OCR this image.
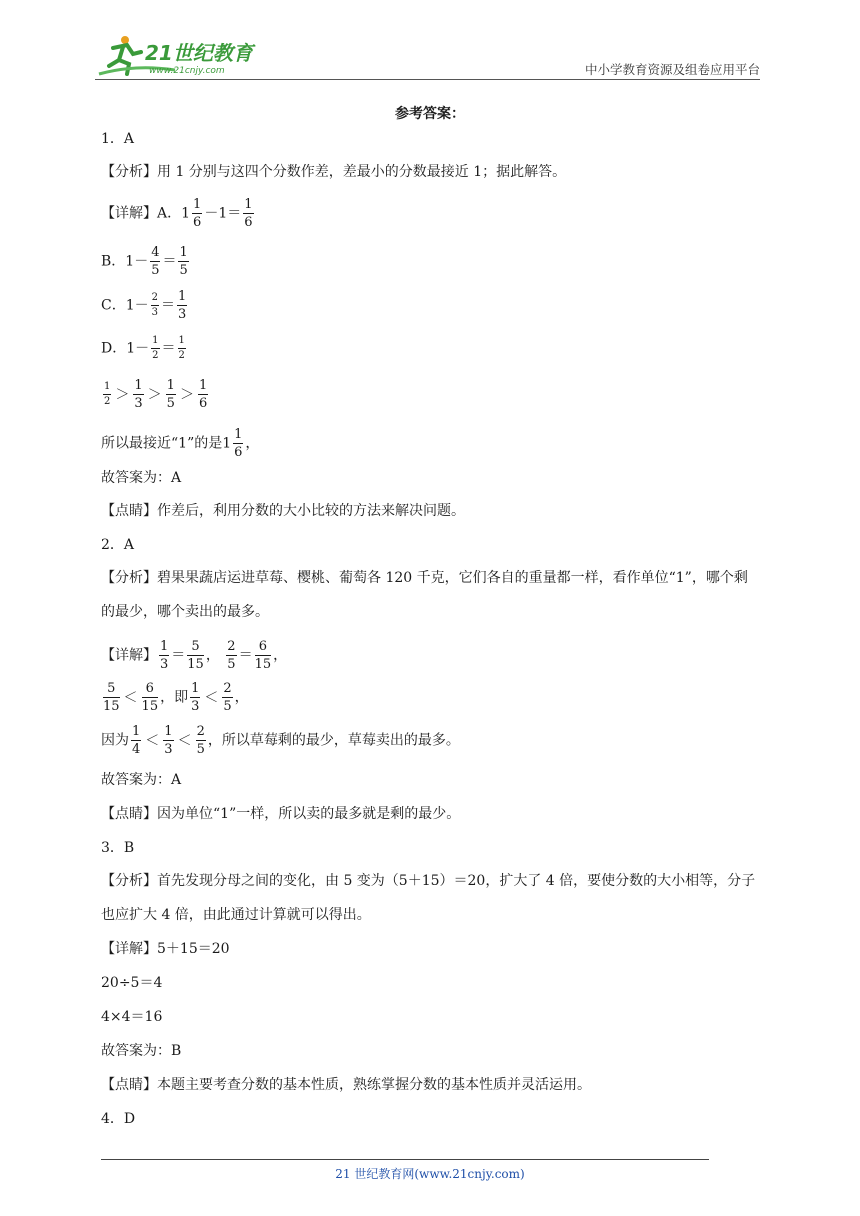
21世纪教育
www.21cnjy.com	中小学教育资源及组卷应用平台
参考答案：
1．A
【分析】用 1 分别与这四个分数作差，差最小的分数最接近 1；据此解答。
【详解】A．$1 \frac{1}{6} -1= \frac{1}{6}$
B．$1- \frac{4}{5} = \frac{1}{5}$
C．$1- \frac{2}{3} = \frac{1}{3}$
D．$1- \frac{1}{2} = \frac{1}{2}$
$\frac{1}{2} > \frac{1}{3} > \frac{1}{5} > \frac{1}{6}$
所以最接近“1”的是$1 \frac{1}{6}$ ，
故答案为：A
【点睛】作差后，利用分数的大小比较的方法来解决问题。
2．A
【分析】碧果果蔬店运进草莓、樱桃、葡萄各 120 千克，它们各自的重量都一样，看作单位“1”，哪个剩的最少，哪个卖出的最多。
【详解】 $\frac{1}{3} = \frac{5}{15}$ ， $\frac{2}{5} = \frac{6}{15}$ ，
$\frac{5}{15} < \frac{6}{15}$ ，即 $\frac{1}{3} < \frac{2}{5}$ ，
因为 $\frac{1}{4} < \frac{1}{3} < \frac{2}{5}$ ，所以草莓剩的最少，草莓卖出的最多。
故答案为：A
【点睛】因为单位“1”一样，所以卖的最多就是剩的最少。
3．B
【分析】首先发现分母之间的变化，由 5 变为（5＋15）＝20，扩大了 4 倍，要使分数的大小相等，分子也应扩大 4 倍，由此通过计算就可以得出。
【详解】5＋15＝20
20÷5＝4
4×4＝16
故答案为：B
【点睛】本题主要考查分数的基本性质，熟练掌握分数的基本性质并灵活运用。
4．D
21 世纪教育网(www.21cnjy.com)
